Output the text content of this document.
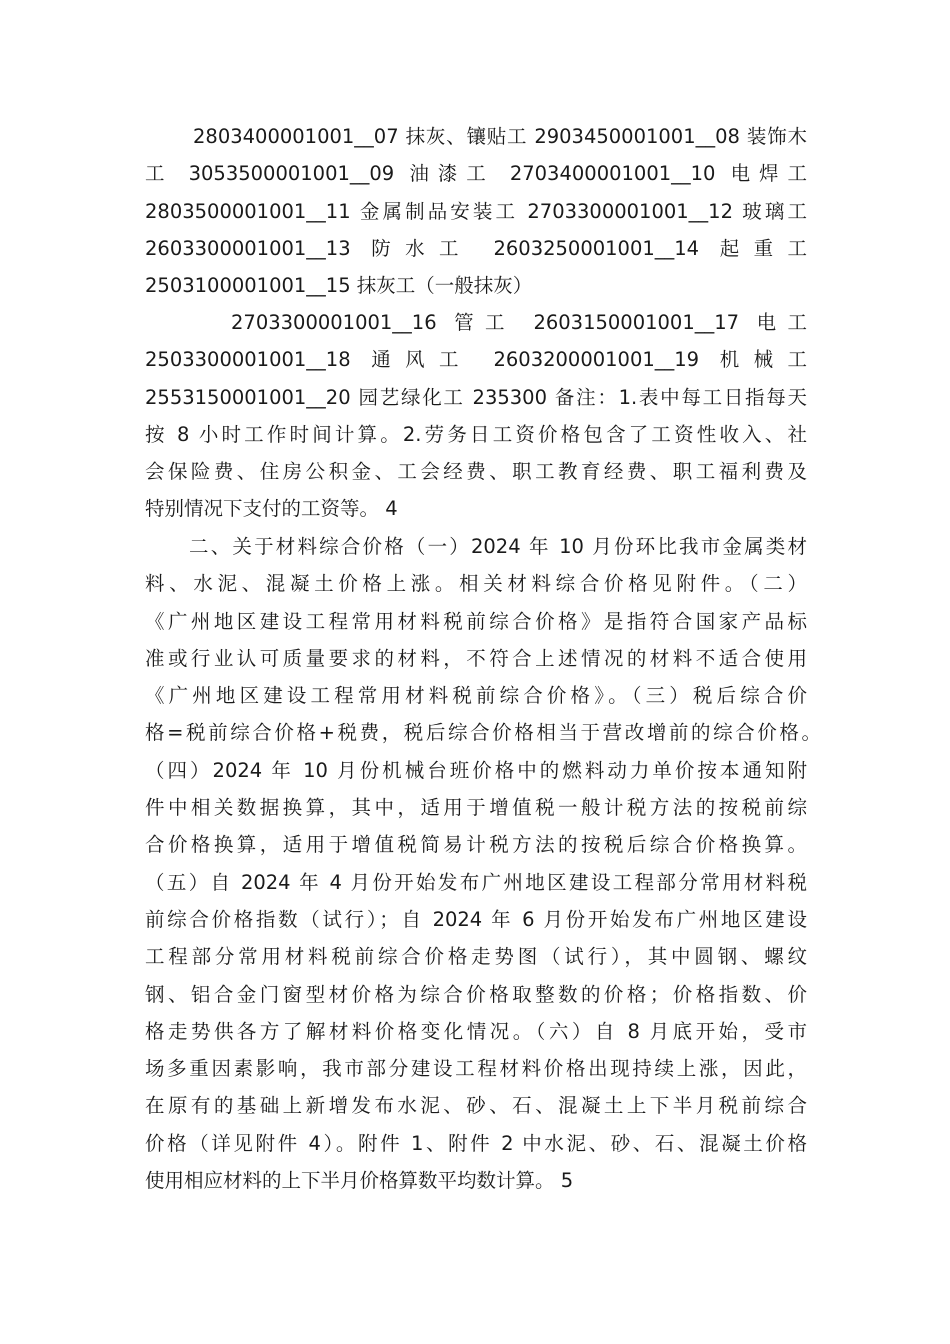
2803400001001__07 抹灰、镶贴工 2903450001001__08 装饰木
工 3053500001001__09 油漆工 2703400001001__10 电焊工
2803500001001__11 金属制品安装工 2703300001001__12 玻璃工
2603300001001__13 防水工 2603250001001__14 起重工
2503100001001__15 抹灰工（一般抹灰）
2703300001001__16 管工 2603150001001__17 电工
2503300001001__18 通风工 2603200001001__19 机械工
2553150001001__20 园艺绿化工 235300 备注：1.表中每工日指每天
按 8 小时工作时间计算。2.劳务日工资价格包含了工资性收入、社
会保险费、住房公积金、工会经费、职工教育经费、职工福利费及
特别情况下支付的工资等。 4
二、关于材料综合价格（一）2024 年 10 月份环比我市金属类材
料、水泥、混凝土价格上涨。相关材料综合价格见附件。（二）
《广州地区建设工程常用材料税前综合价格》是指符合国家产品标
准或行业认可质量要求的材料，不符合上述情况的材料不适合使用
《广州地区建设工程常用材料税前综合价格》。（三）税后综合价
格=税前综合价格+税费，税后综合价格相当于营改增前的综合价格。
（四）2024 年 10 月份机械台班价格中的燃料动力单价按本通知附
件中相关数据换算，其中，适用于增值税一般计税方法的按税前综
合价格换算，适用于增值税简易计税方法的按税后综合价格换算。
（五）自 2024 年 4 月份开始发布广州地区建设工程部分常用材料税
前综合价格指数（试行）；自 2024 年 6 月份开始发布广州地区建设
工程部分常用材料税前综合价格走势图（试行），其中圆钢、螺纹
钢、铝合金门窗型材价格为综合价格取整数的价格；价格指数、价
格走势供各方了解材料价格变化情况。（六）自 8 月底开始，受市
场多重因素影响，我市部分建设工程材料价格出现持续上涨，因此，
在原有的基础上新增发布水泥、砂、石、混凝土上下半月税前综合
价格（详见附件 4）。附件 1、附件 2 中水泥、砂、石、混凝土价格
使用相应材料的上下半月价格算数平均数计算。 5
